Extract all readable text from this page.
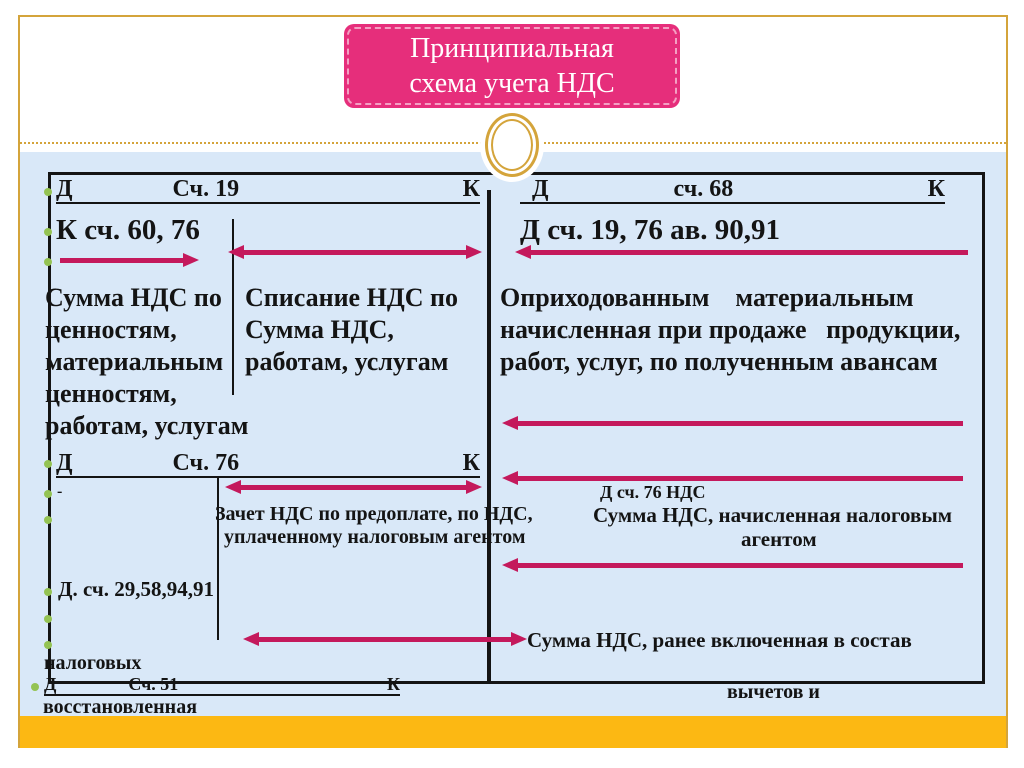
Принципиальная
схема учета НДС
Д	Сч. 19	К Д	сч. 68	К
Д	Сч. 76	К
Д	Сч. 51	К
К сч. 60, 76	Д сч. 19, 76 ав. 90,91
Сумма НДС по
ценностям,
материальным
ценностям,
работам, услугам
Списание НДС по
Сумма НДС,
работам, услугам
Оприходованным    материальным
начисленная при продаже   продукции,
работ, услуг, по полученным авансам
-
Зачет НДС по предоплате, по НДС,
уплаченному налоговым агентом
Д сч. 76 НДС
Сумма НДС, начисленная налоговым
агентом
Д. сч. 29,58,94,91
Сумма НДС, ранее включенная в состав
налоговых
восстановленная
вычетов и
